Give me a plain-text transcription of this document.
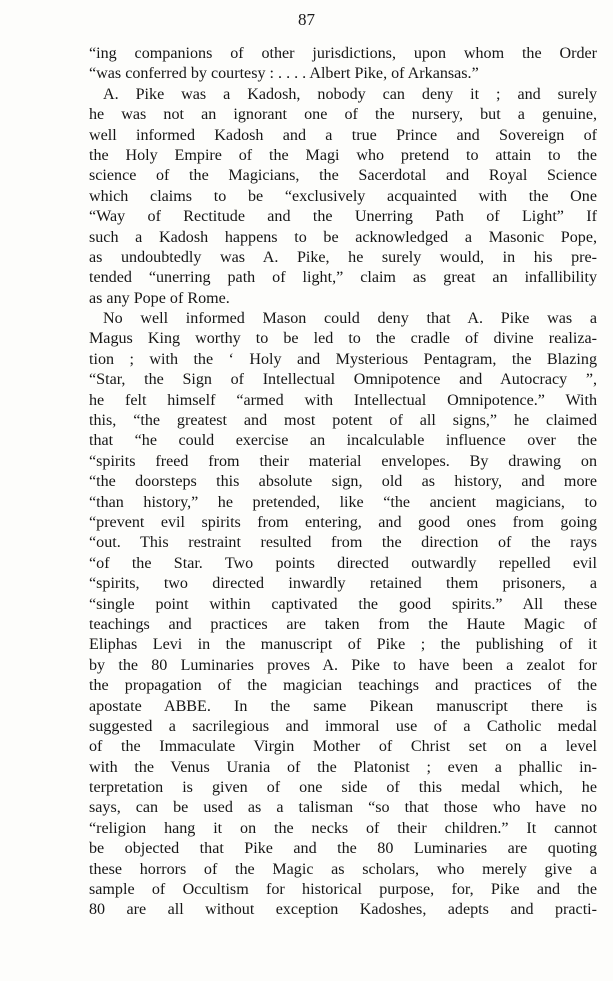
87
“ing companions of other jurisdictions, upon whom the Order
“was conferred by courtesy : . . . . Albert Pike, of Arkansas.”
A. Pike was a Kadosh, nobody can deny it ; and surely
he was not an ignorant one of the nursery, but a genuine,
well informed Kadosh and a true Prince and Sovereign of
the Holy Empire of the Magi who pretend to attain to the
science of the Magicians, the Sacerdotal and Royal Science
which claims to be “exclusively acquainted with the One
“Way of Rectitude and the Unerring Path of Light” If
such a Kadosh happens to be acknowledged a Masonic Pope,
as undoubtedly was A. Pike, he surely would, in his pre-
tended “unerring path of light,” claim as great an infallibility
as any Pope of Rome.
No well informed Mason could deny that A. Pike was a
Magus King worthy to be led to the cradle of divine realiza-
tion ; with the ‘ Holy and Mysterious Pentagram, the Blazing
“Star, the Sign of Intellectual Omnipotence and Autocracy ”,
he felt himself “armed with Intellectual Omnipotence.” With
this, “the greatest and most potent of all signs,” he claimed
that “he could exercise an incalculable influence over the
“spirits freed from their material envelopes. By drawing on
“the doorsteps this absolute sign, old as history, and more
“than history,” he pretended, like “the ancient magicians, to
“prevent evil spirits from entering, and good ones from going
“out. This restraint resulted from the direction of the rays
“of the Star. Two points directed outwardly repelled evil
“spirits, two directed inwardly retained them prisoners, a
“single point within captivated the good spirits.” All these
teachings and practices are taken from the Haute Magic of
Eliphas Levi in the manuscript of Pike ; the publishing of it
by the 80 Luminaries proves A. Pike to have been a zealot for
the propagation of the magician teachings and practices of the
apostate ABBE. In the same Pikean manuscript there is
suggested a sacrilegious and immoral use of a Catholic medal
of the Immaculate Virgin Mother of Christ set on a level
with the Venus Urania of the Platonist ; even a phallic in-
terpretation is given of one side of this medal which, he
says, can be used as a talisman “so that those who have no
“religion hang it on the necks of their children.” It cannot
be objected that Pike and the 80 Luminaries are quoting
these horrors of the Magic as scholars, who merely give a
sample of Occultism for historical purpose, for, Pike and the
80 are all without exception Kadoshes, adepts and practi-
